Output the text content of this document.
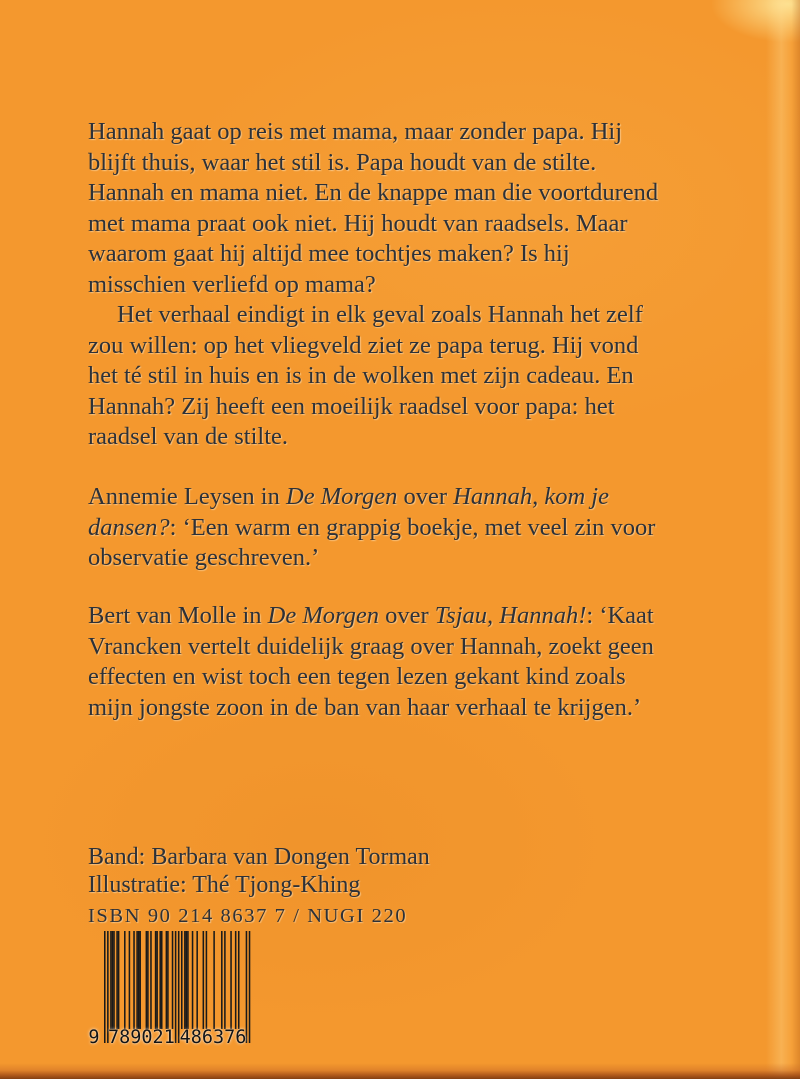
Hannah gaat op reis met mama, maar zonder papa. Hij blijft thuis, waar het stil is. Papa houdt van de stilte. Hannah en mama niet. En de knappe man die voortdurend met mama praat ook niet. Hij houdt van raadsels. Maar waarom gaat hij altijd mee tochtjes maken? Is hij misschien verliefd op mama?

Het verhaal eindigt in elk geval zoals Hannah het zelf zou willen: op het vliegveld ziet ze papa terug. Hij vond het té stil in huis en is in de wolken met zijn cadeau. En Hannah? Zij heeft een moeilijk raadsel voor papa: het raadsel van de stilte.

Annemie Leysen in De Morgen over Hannah, kom je dansen?: ‘Een warm en grappig boekje, met veel zin voor observatie geschreven.’

Bert van Molle in De Morgen over Tsjau, Hannah!: ‘Kaat Vrancken vertelt duidelijk graag over Hannah, zoekt geen effecten en wist toch een tegen lezen gekant kind zoals mijn jongste zoon in de ban van haar verhaal te krijgen.’

Band: Barbara van Dongen Torman

Illustratie: Thé Tjong-Khing

ISBN 90 214 8637 7 / NUGI 220

9 789021 486376
